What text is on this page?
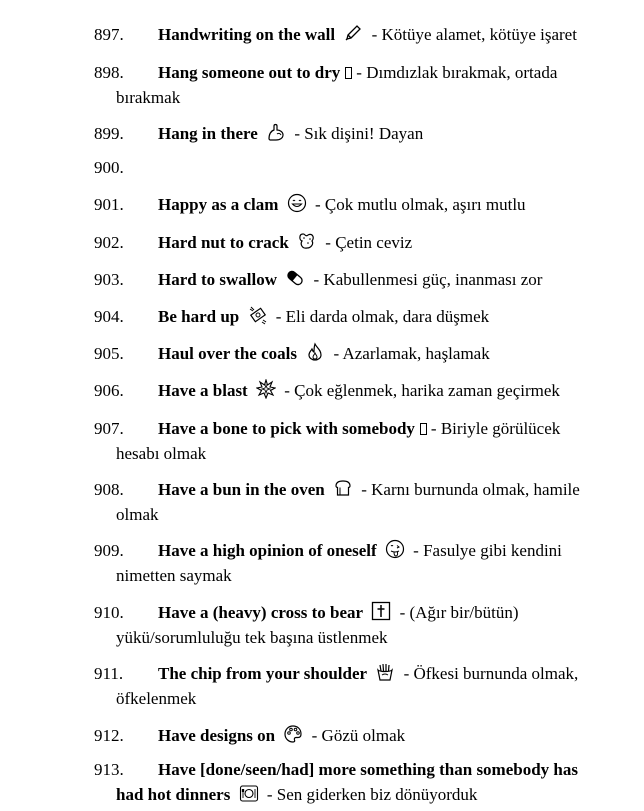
897. Handwriting on the wall - Kötüye alamet, kötüye işaret
898. Hang someone out to dry - Dımdızlak bırakmak, ortada bırakmak
899. Hang in there - Sık dişini! Dayan
900.
901. Happy as a clam - Çok mutlu olmak, aşırı mutlu
902. Hard nut to crack - Çetin ceviz
903. Hard to swallow - Kabullenmesi güç, inanması zor
904. Be hard up - Eli darda olmak, dara düşmek
905. Haul over the coals - Azarlamak, haşlamak
906. Have a blast - Çok eğlenmek, harika zaman geçirmek
907. Have a bone to pick with somebody - Biriyle görülücek hesabı olmak
908. Have a bun in the oven - Karnı burnunda olmak, hamile olmak
909. Have a high opinion of oneself - Fasulye gibi kendini nimetten saymak
910. Have a (heavy) cross to bear - (Ağır bir/bütün) yükü/sorumluluğu tek başına üstlenmek
911. The chip from your shoulder - Öfkesi burnunda olmak, öfkelenmek
912. Have designs on - Gözü olmak
913. Have [done/seen/had] more something than somebody has had hot dinners - Sen giderken biz dönüyorduk
